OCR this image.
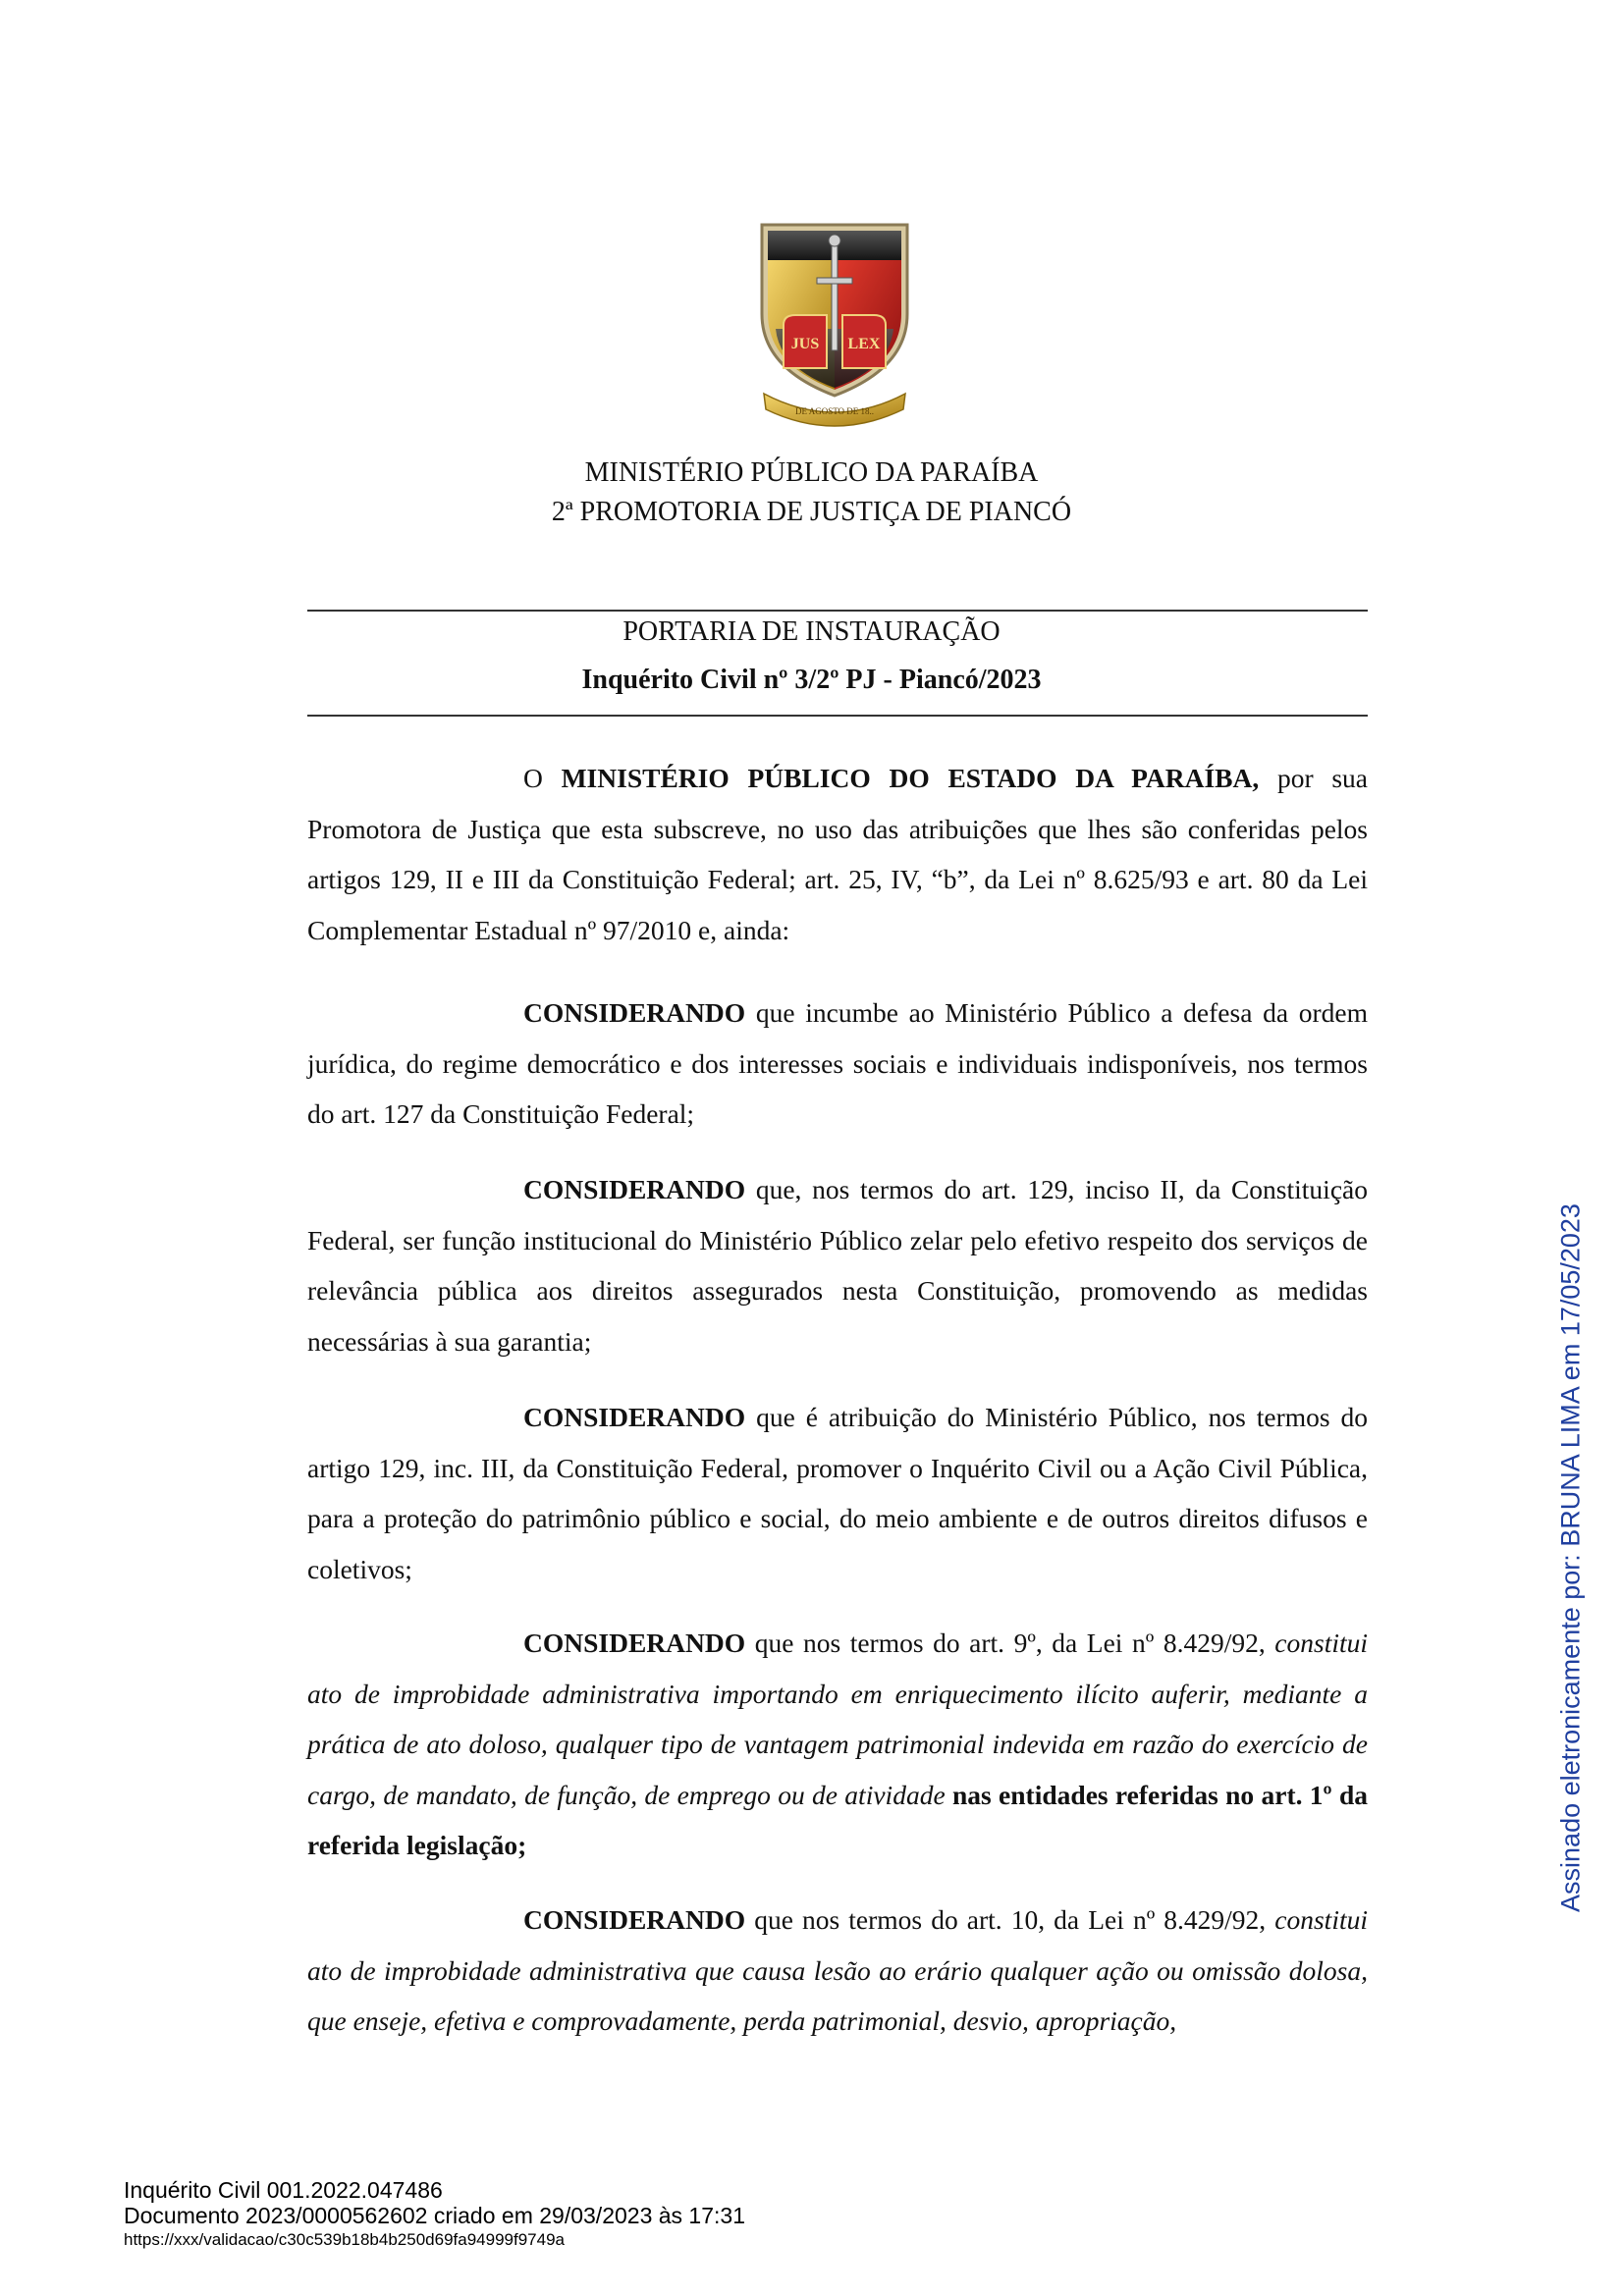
JUS LEX
DE AGOSTO DE 18..
MINISTÉRIO PÚBLICO DA PARAÍBA
2ª PROMOTORIA DE JUSTIÇA DE PIANCÓ
PORTARIA DE INSTAURAÇÃO
Inquérito Civil nº 3/2º PJ - Piancó/2023

O MINISTÉRIO PÚBLICO DO ESTADO DA PARAÍBA, por sua Promotora de Justiça que esta subscreve, no uso das atribuições que lhes são conferidas pelos artigos 129, II e III da Constituição Federal; art. 25, IV, “b”, da Lei nº 8.625/93 e art. 80 da Lei Complementar Estadual nº 97/2010 e, ainda:

CONSIDERANDO que incumbe ao Ministério Público a defesa da ordem jurídica, do regime democrático e dos interesses sociais e individuais indisponíveis, nos termos do art. 127 da Constituição Federal;

CONSIDERANDO que, nos termos do art. 129, inciso II, da Constituição Federal, ser função institucional do Ministério Público zelar pelo efetivo respeito dos serviços de relevância pública aos direitos assegurados nesta Constituição, promovendo as medidas necessárias à sua garantia;

CONSIDERANDO que é atribuição do Ministério Público, nos termos do artigo 129, inc. III, da Constituição Federal, promover o Inquérito Civil ou a Ação Civil Pública, para a proteção do patrimônio público e social, do meio ambiente e de outros direitos difusos e coletivos;

CONSIDERANDO que nos termos do art. 9º, da Lei nº 8.429/92, constitui ato de improbidade administrativa importando em enriquecimento ilícito auferir, mediante a prática de ato doloso, qualquer tipo de vantagem patrimonial indevida em razão do exercício de cargo, de mandato, de função, de emprego ou de atividade nas entidades referidas no art. 1º da referida legislação;

CONSIDERANDO que nos termos do art. 10, da Lei nº 8.429/92, constitui ato de improbidade administrativa que causa lesão ao erário qualquer ação ou omissão dolosa, que enseje, efetiva e comprovadamente, perda patrimonial, desvio, apropriação,

Assinado eletronicamente por: BRUNA LIMA em 17/05/2023
Inquérito Civil 001.2022.047486
Documento 2023/0000562602 criado em 29/03/2023 às 17:31
https://xxx/validacao/c30c539b18b4b250d69fa94999f9749a
